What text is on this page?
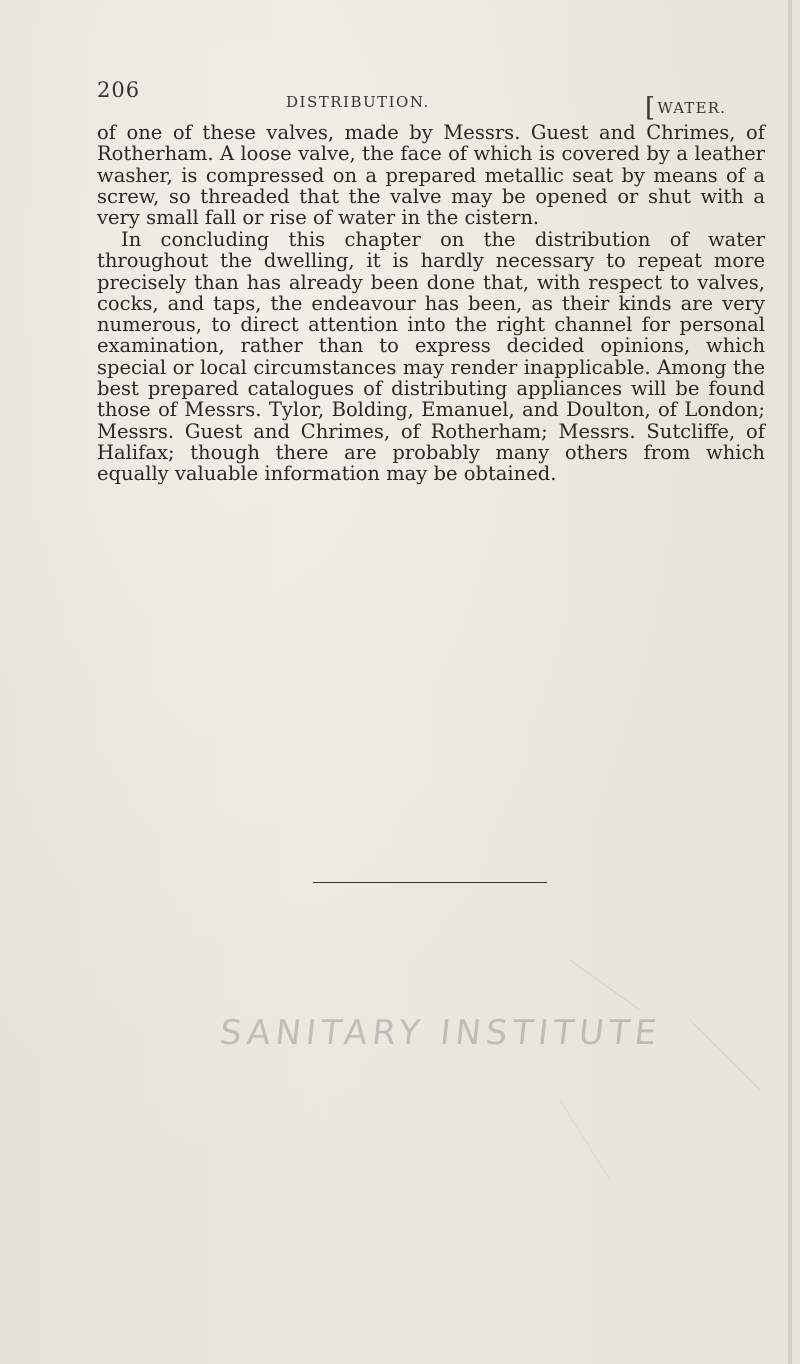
206	DISTRIBUTION.	[WATER.

of one of these valves, made by Messrs. Guest and Chrimes, of Rotherham. A loose valve, the face of which is covered by a leather washer, is compressed on a prepared metallic seat by means of a screw, so threaded that the valve may be opened or shut with a very small fall or rise of water in the cistern.

In concluding this chapter on the distribution of water throughout the dwelling, it is hardly necessary to repeat more precisely than has already been done that, with respect to valves, cocks, and taps, the endeavour has been, as their kinds are very numerous, to direct attention into the right channel for personal examination, rather than to express decided opinions, which special or local circumstances may render inapplicable. Among the best prepared catalogues of distributing appliances will be found those of Messrs. Tylor, Bolding, Emanuel, and Doulton, of London; Messrs. Guest and Chrimes, of Rotherham; Messrs. Sutcliffe, of Halifax; though there are probably many others from which equally valuable information may be obtained.

SANITARY INSTITUTE
